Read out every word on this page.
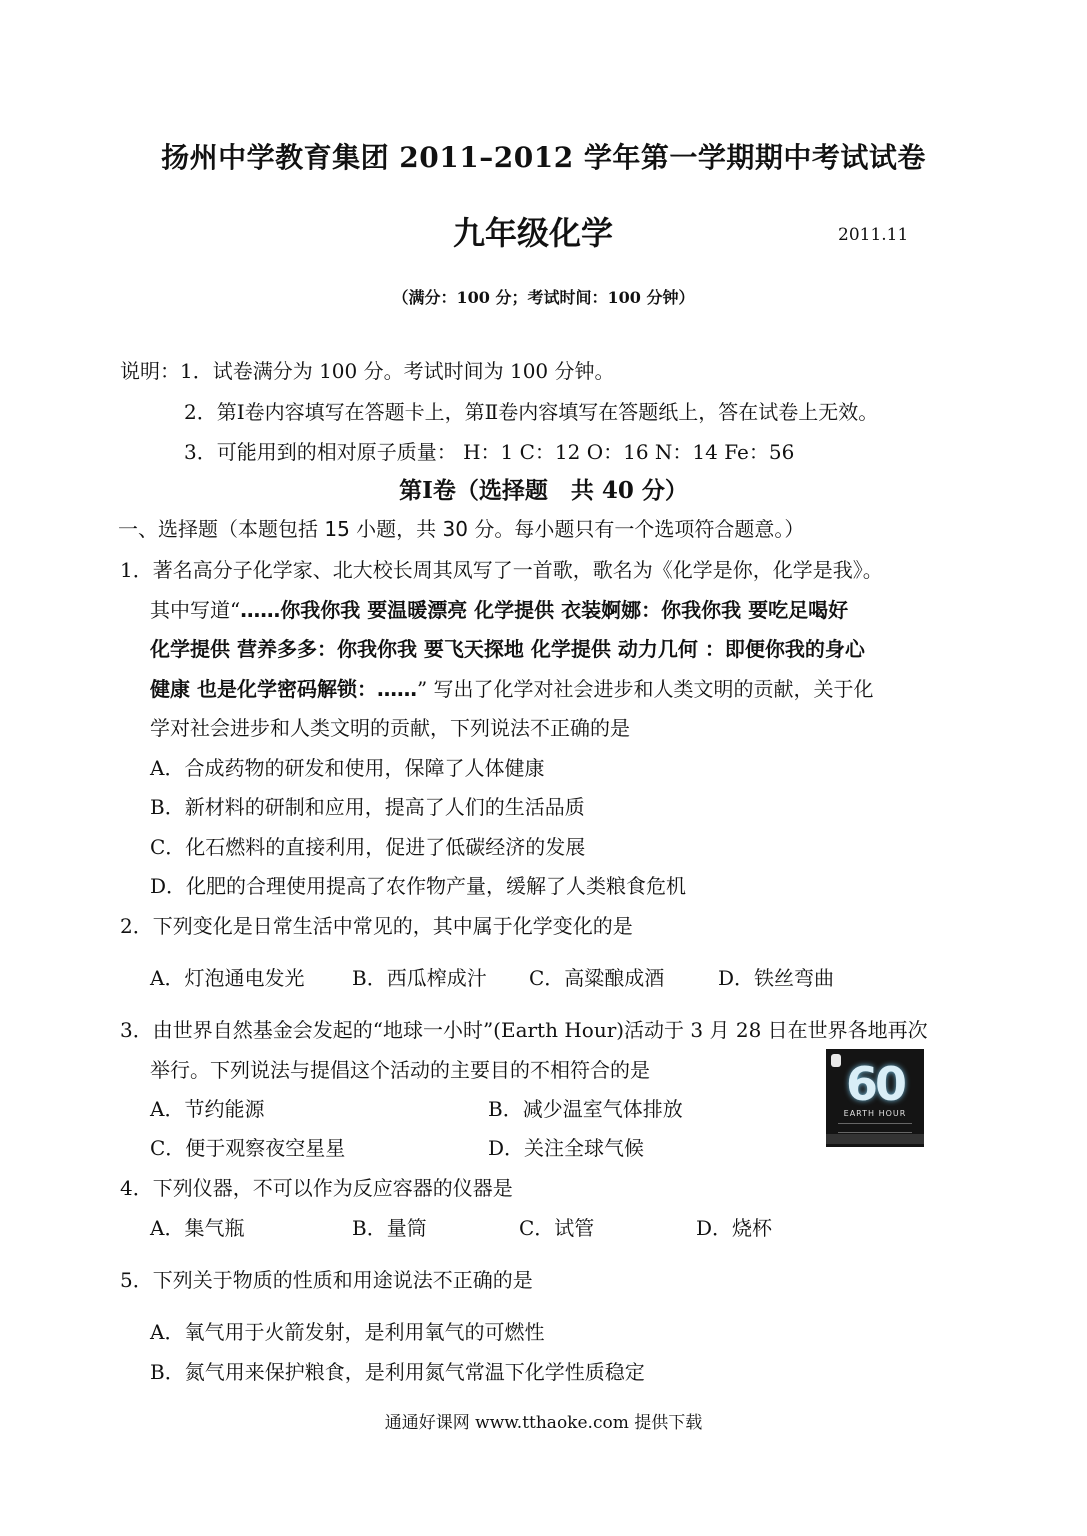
扬州中学教育集团 2011–2012 学年第一学期期中考试试卷
九年级化学	2011.11
（满分：100 分；考试时间：100 分钟）
说明：1．试卷满分为 100 分。考试时间为 100 分钟。
2．第Ⅰ卷内容填写在答题卡上，第Ⅱ卷内容填写在答题纸上，答在试卷上无效。
3．可能用到的相对原子质量： H：1 C：12 O：16 N：14 Fe：56
第Ⅰ卷（选择题　共 40 分）
一、选择题（本题包括 15 小题，共 30 分。每小题只有一个选项符合题意。）
1．著名高分子化学家、北大校长周其凤写了一首歌，歌名为《化学是你，化学是我》。
其中写道“……你我你我 要温暖漂亮 化学提供 衣装婀娜：你我你我 要吃足喝好
化学提供 营养多多：你我你我 要飞天探地 化学提供 动力几何 ：即便你我的身心
健康 也是化学密码解锁：……” 写出了化学对社会进步和人类文明的贡献，关于化
学对社会进步和人类文明的贡献，下列说法不正确的是
A．合成药物的研发和使用，保障了人体健康
B．新材料的研制和应用，提高了人们的生活品质
C．化石燃料的直接利用，促进了低碳经济的发展
D．化肥的合理使用提高了农作物产量，缓解了人类粮食危机
2．下列变化是日常生活中常见的，其中属于化学变化的是
A．灯泡通电发光 B．西瓜榨成汁 C．高粱酿成酒	D．铁丝弯曲
3．由世界自然基金会发起的“地球一小时”(Earth Hour)活动于 3 月 28 日在世界各地再次
举行。下列说法与提倡这个活动的主要目的不相符合的是
A．节约能源	B．减少温室气体排放
C．便于观察夜空星星	D．关注全球气候
60
EARTH HOUR
4．下列仪器，不可以作为反应容器的仪器是
A．集气瓶	B．量筒	C．试管	D．烧杯
5．下列关于物质的性质和用途说法不正确的是
A．氧气用于火箭发射，是利用氧气的可燃性
B．氮气用来保护粮食，是利用氮气常温下化学性质稳定
通通好课网 www.tthaoke.com 提供下载
